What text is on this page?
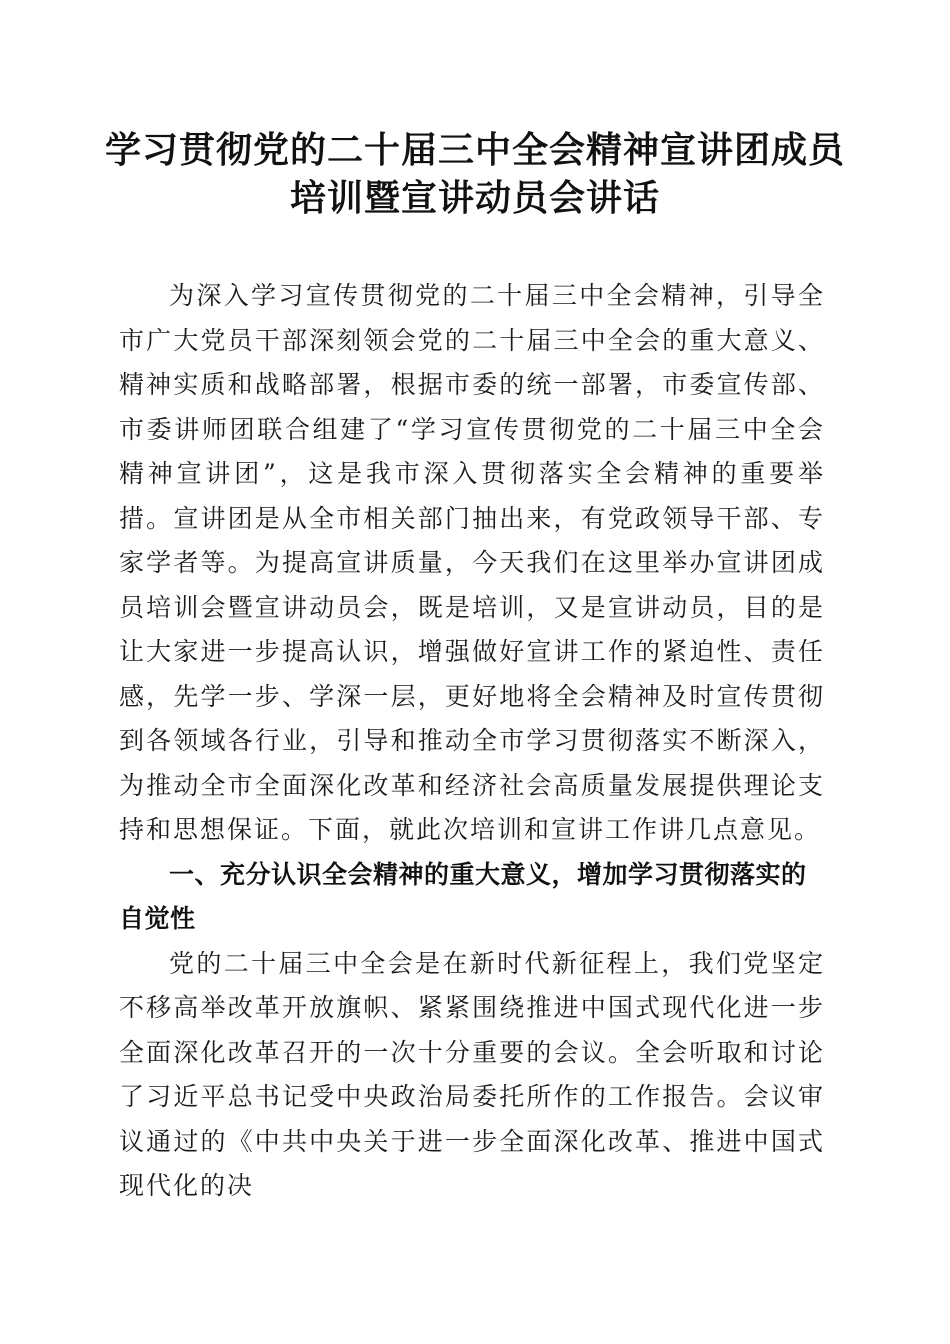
学习贯彻党的二十届三中全会精神宣讲团成员
培训暨宣讲动员会讲话

为深入学习宣传贯彻党的二十届三中全会精神，引导全市广大党员干部深刻领会党的二十届三中全会的重大意义、精神实质和战略部署，根据市委的统一部署，市委宣传部、市委讲师团联合组建了“学习宣传贯彻党的二十届三中全会精神宣讲团”，这是我市深入贯彻落实全会精神的重要举措。宣讲团是从全市相关部门抽出来，有党政领导干部、专家学者等。为提高宣讲质量，今天我们在这里举办宣讲团成员培训会暨宣讲动员会，既是培训，又是宣讲动员，目的是让大家进一步提高认识，增强做好宣讲工作的紧迫性、责任感，先学一步、学深一层，更好地将全会精神及时宣传贯彻到各领域各行业，引导和推动全市学习贯彻落实不断深入，为推动全市全面深化改革和经济社会高质量发展提供理论支持和思想保证。下面，就此次培训和宣讲工作讲几点意见。

一、充分认识全会精神的重大意义，增加学习贯彻落实的自觉性

党的二十届三中全会是在新时代新征程上，我们党坚定不移高举改革开放旗帜、紧紧围绕推进中国式现代化进一步全面深化改革召开的一次十分重要的会议。全会听取和讨论了习近平总书记受中央政治局委托所作的工作报告。会议审议通过的《中共中央关于进一步全面深化改革、推进中国式现代化的决
